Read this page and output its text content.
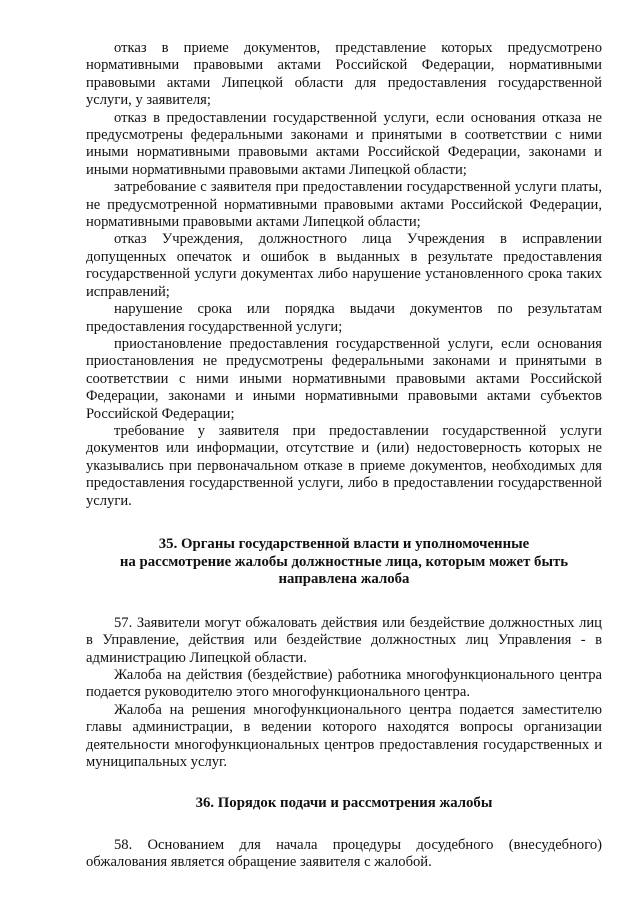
отказ в приеме документов, представление которых предусмотрено нормативными правовыми актами Российской Федерации, нормативными правовыми актами Липецкой области для предоставления государственной услуги, у заявителя;

отказ в предоставлении государственной услуги, если основания отказа не предусмотрены федеральными законами и принятыми в соответствии с ними иными нормативными правовыми актами Российской Федерации, законами и иными нормативными правовыми актами Липецкой области;

затребование с заявителя при предоставлении государственной услуги платы, не предусмотренной нормативными правовыми актами Российской Федерации, нормативными правовыми актами Липецкой области;

отказ Учреждения, должностного лица Учреждения в исправлении допущенных опечаток и ошибок в выданных в результате предоставления государственной услуги документах либо нарушение установленного срока таких исправлений;

нарушение срока или порядка выдачи документов по результатам предоставления государственной услуги;

приостановление предоставления государственной услуги, если основания приостановления не предусмотрены федеральными законами и принятыми в соответствии с ними иными нормативными правовыми актами Российской Федерации, законами и иными нормативными правовыми актами субъектов Российской Федерации;

требование у заявителя при предоставлении государственной услуги документов или информации, отсутствие и (или) недостоверность которых не указывались при первоначальном отказе в приеме документов, необходимых для предоставления государственной услуги, либо в предоставлении государственной услуги.

35. Органы государственной власти и уполномоченные
на рассмотрение жалобы должностные лица, которым может быть
направлена жалоба

57. Заявители могут обжаловать действия или бездействие должностных лиц в Управление, действия или бездействие должностных лиц Управления - в администрацию Липецкой области.

Жалоба на действия (бездействие) работника многофункционального центра подается руководителю этого многофункционального центра.

Жалоба на решения многофункционального центра подается заместителю главы администрации, в ведении которого находятся вопросы организации деятельности многофункциональных центров предоставления государственных и муниципальных услуг.

36. Порядок подачи и рассмотрения жалобы

58. Основанием для начала процедуры досудебного (внесудебного) обжалования является обращение заявителя с жалобой.
